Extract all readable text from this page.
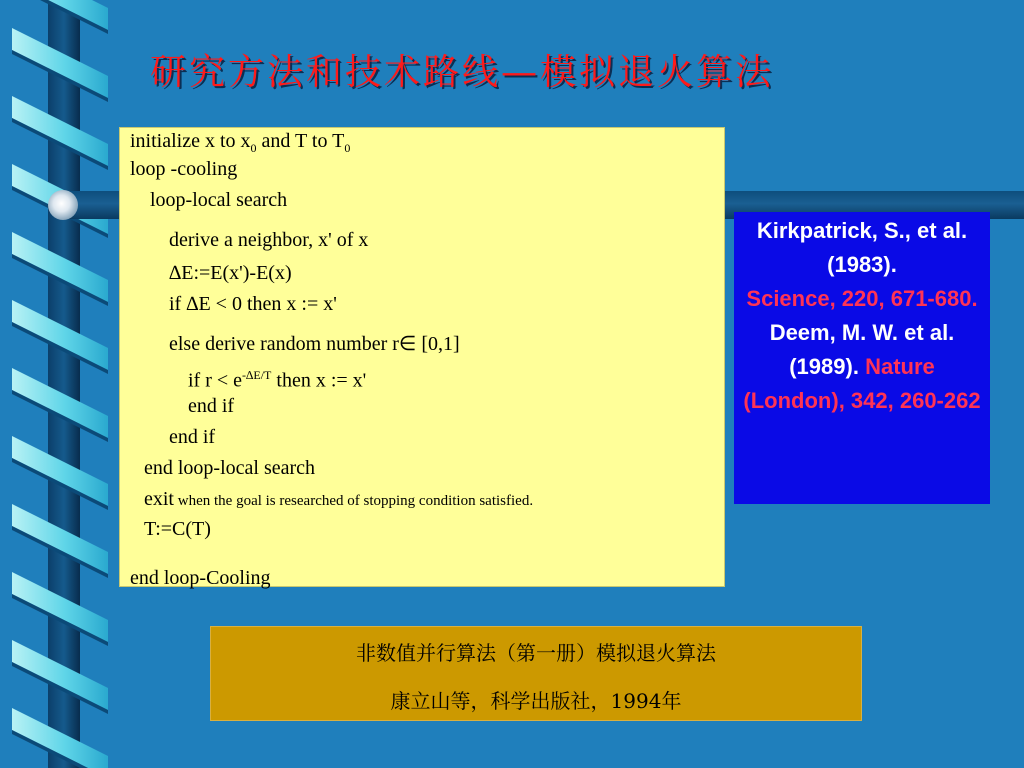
研究方法和技术路线—模拟退火算法
initialize x to $x_0$ and T to $T_0$
loop -cooling
loop-local search
derive a neighbor, x' of x
∆E:=E(x')-E(x)
if ∆E < 0 then x := x'
else derive random number r∈ [0,1]
if $r < e^{-\Delta E/T}$ then x := x'
end if
end if
end loop-local search
exit when the goal is researched of stopping condition satisfied.
T:=C(T)
end loop-Cooling
Kirkpatrick, S., et al. (1983).
Science, 220, 671-680.
Deem, M. W. et al. (1989). Nature (London), 342, 260-262
非数值并行算法（第一册）模拟退火算法
康立山等，科学出版社，1994年
